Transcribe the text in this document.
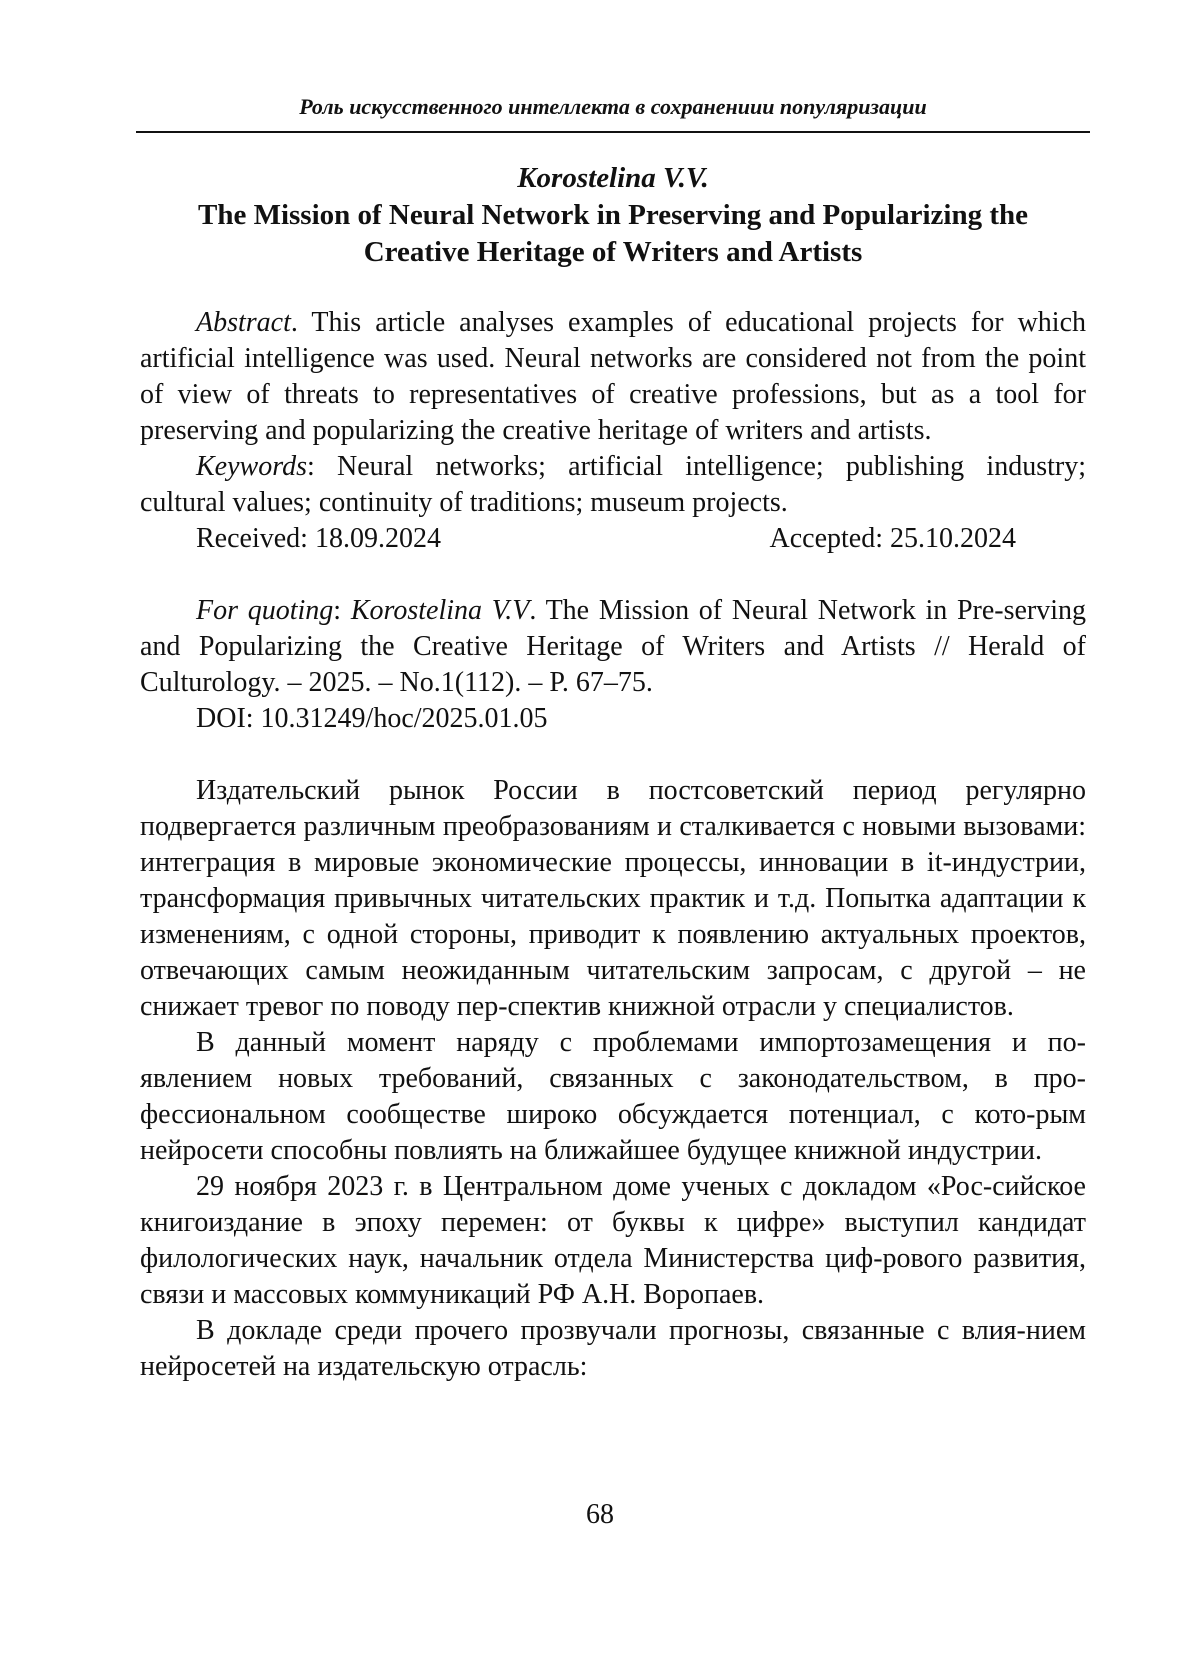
Роль искусственного интеллекта в сохранениии популяризации
Korostelina V.V.
The Mission of Neural Network in Preserving and Popularizing the
Creative Heritage of Writers and Artists

Abstract. This article analyses examples of educational projects for which artificial intelligence was used. Neural networks are considered not from the point of view of threats to representatives of creative professions, but as a tool for preserving and popularizing the creative heritage of writers and artists.

Keywords: Neural networks; artificial intelligence; publishing industry; cultural values; continuity of traditions; museum projects.

Received: 18.09.2024	Accepted: 25.10.2024

For quoting: Korostelina V.V. The Mission of Neural Network in Pre-serving and Popularizing the Creative Heritage of Writers and Artists // Herald of Culturology. – 2025. – No.1(112). – P. 67–75.

DOI: 10.31249/hoc/2025.01.05

Издательский рынок России в постсоветский период регулярно подвергается различным преобразованиям и сталкивается с новыми вызовами: интеграция в мировые экономические процессы, инновации в it-индустрии, трансформация привычных читательских практик и т.д. Попытка адаптации к изменениям, с одной стороны, приводит к появлению актуальных проектов, отвечающих самым неожиданным читательским запросам, с другой – не снижает тревог по поводу пер-спектив книжной отрасли у специалистов.

В данный момент наряду с проблемами импортозамещения и по-явлением новых требований, связанных с законодательством, в про-фессиональном сообществе широко обсуждается потенциал, с кото-рым нейросети способны повлиять на ближайшее будущее книжной индустрии.

29 ноября 2023 г. в Центральном доме ученых с докладом «Рос-сийское книгоиздание в эпоху перемен: от буквы к цифре» выступил кандидат филологических наук, начальник отдела Министерства циф-рового развития, связи и массовых коммуникаций РФ А.Н. Воропаев.

В докладе среди прочего прозвучали прогнозы, связанные с влия-нием нейросетей на издательскую отрасль:

68
